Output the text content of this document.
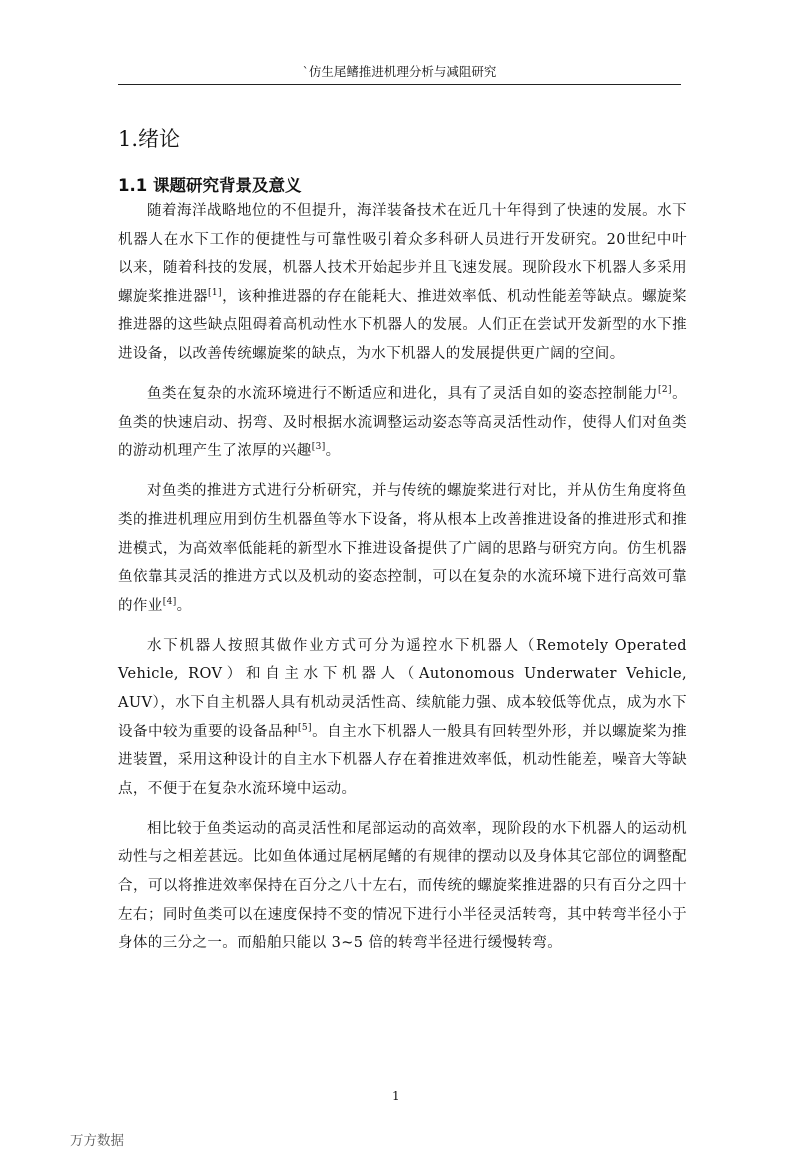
`仿生尾鳍推进机理分析与减阻研究
1.绪论
1.1 课题研究背景及意义

随着海洋战略地位的不但提升，海洋装备技术在近几十年得到了快速的发展。水下机器人在水下工作的便捷性与可靠性吸引着众多科研人员进行开发研究。20世纪中叶以来，随着科技的发展，机器人技术开始起步并且飞速发展。现阶段水下机器人多采用螺旋桨推进器[1]，该种推进器的存在能耗大、推进效率低、机动性能差等缺点。螺旋桨推进器的这些缺点阻碍着高机动性水下机器人的发展。人们正在尝试开发新型的水下推进设备，以改善传统螺旋桨的缺点，为水下机器人的发展提供更广阔的空间。

鱼类在复杂的水流环境进行不断适应和进化，具有了灵活自如的姿态控制能力[2]。鱼类的快速启动、拐弯、及时根据水流调整运动姿态等高灵活性动作，使得人们对鱼类的游动机理产生了浓厚的兴趣[3]。

对鱼类的推进方式进行分析研究，并与传统的螺旋桨进行对比，并从仿生角度将鱼类的推进机理应用到仿生机器鱼等水下设备，将从根本上改善推进设备的推进形式和推进模式，为高效率低能耗的新型水下推进设备提供了广阔的思路与研究方向。仿生机器鱼依靠其灵活的推进方式以及机动的姿态控制，可以在复杂的水流环境下进行高效可靠的作业[4]。

水下机器人按照其做作业方式可分为遥控水下机器人（Remotely Operated Vehicle, ROV）和自主水下机器人（Autonomous Underwater Vehicle, AUV），水下自主机器人具有机动灵活性高、续航能力强、成本较低等优点，成为水下设备中较为重要的设备品种[5]。自主水下机器人一般具有回转型外形，并以螺旋桨为推进装置，采用这种设计的自主水下机器人存在着推进效率低，机动性能差，噪音大等缺点，不便于在复杂水流环境中运动。

相比较于鱼类运动的高灵活性和尾部运动的高效率，现阶段的水下机器人的运动机动性与之相差甚远。比如鱼体通过尾柄尾鳍的有规律的摆动以及身体其它部位的调整配合，可以将推进效率保持在百分之八十左右，而传统的螺旋桨推进器的只有百分之四十左右；同时鱼类可以在速度保持不变的情况下进行小半径灵活转弯，其中转弯半径小于身体的三分之一。而船舶只能以 3~5 倍的转弯半径进行缓慢转弯。

1
万方数据
